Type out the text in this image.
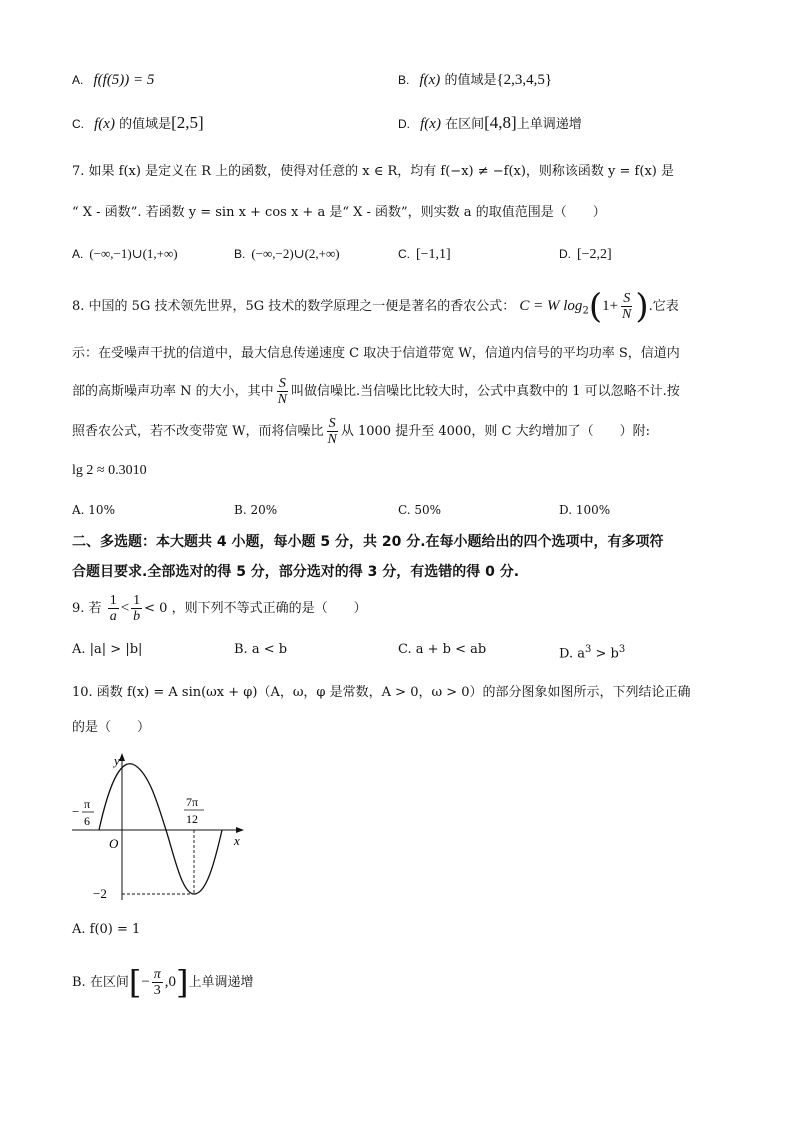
A. f(f(5)) = 5	B. f(x) 的值域是{2,3,4,5}
C. f(x) 的值域是[2,5]	D. f(x) 在区间[4,8]上单调递增
7. 如果 f(x) 是定义在 R 上的函数，使得对任意的 x ∈ R，均有 f(−x) ≠ −f(x)，则称该函数 y = f(x) 是
“ X - 函数”. 若函数 y = sin x + cos x + a 是“ X - 函数”，则实数 a 的取值范围是（　　）
A. (−∞,−1)∪(1,+∞)	B. (−∞,−2)∪(2,+∞)	C. [−1,1]	D. [−2,2]
8. 中国的 5G 技术领先世界，5G 技术的数学原理之一便是著名的香农公式： C = W $\log_2(1+ \frac{S}{N}$ ).它表
示：在受噪声干扰的信道中，最大信息传递速度 C 取决于信道带宽 W，信道内信号的平均功率 S，信道内
部的高斯噪声功率 N 的大小，其中 $\frac{S}{N}$ 叫做信噪比.当信噪比比较大时，公式中真数中的 1 可以忽略不计.按
照香农公式，若不改变带宽 W，而将信噪比 $\frac{S}{N}$ 从 1000 提升至 4000，则 C 大约增加了（　　）附:
lg 2 ≈ 0.3010
A. 10%	B. 20%	C. 50%	D. 100%
二、多选题：本大题共 4 小题，每小题 5 分，共 20 分.在每小题给出的四个选项中，有多项符
合题目要求.全部选对的得 5 分，部分选对的得 3 分，有选错的得 0 分.
9. 若 $\frac{1}{a} < \frac{1}{b} < 0$ ，则下列不等式正确的是（　　）
A. |a| > |b|	B. a < b	C. a + b < ab	D. $a^3 > b^3$
10. 函数 f(x) = A sin(ωx + φ)（A，ω，φ 是常数，A > 0，ω > 0）的部分图象如图所示，下列结论正确
的是（　　）
y
x
O
− π
6
7π
12
−2
A. f(0) = 1
B. 在区间[− $\frac{\pi}{3} ,0$]上单调递增
